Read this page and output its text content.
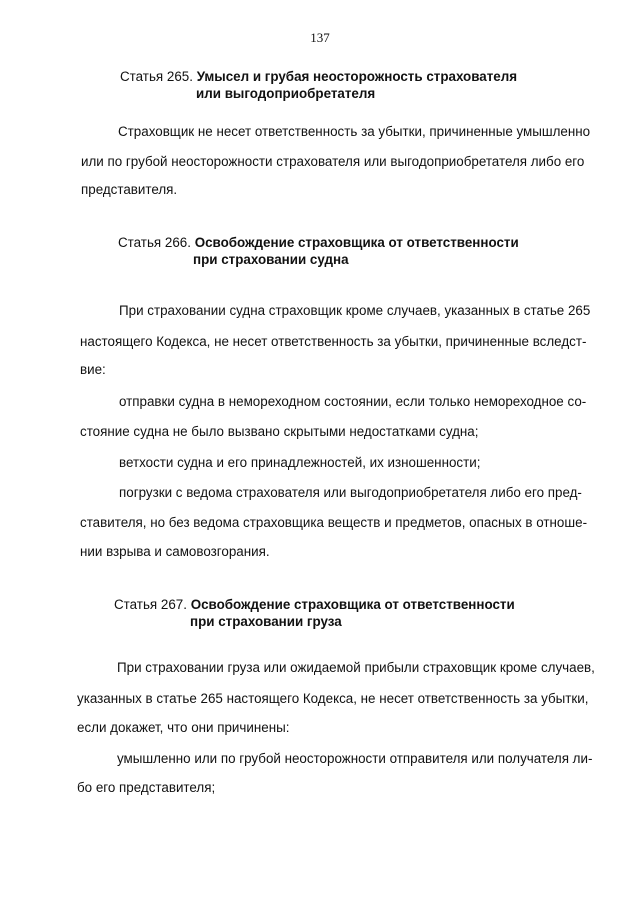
137
Статья 265. Умысел и грубая неосторожность страхователя
или выгодоприобретателя
Страховщик не несет ответственность за убытки, причиненные умышленно
или по грубой неосторожности страхователя или выгодоприобретателя либо его
представителя.
Статья 266. Освобождение страховщика от ответственности
при страховании судна
При страховании судна страховщик кроме случаев, указанных в статье 265
настоящего Кодекса, не несет ответственность за убытки, причиненные вследст-
вие:
отправки судна в немореходном состоянии, если только немореходное со-
стояние судна не было вызвано скрытыми недостатками судна;
ветхости судна и его принадлежностей, их изношенности;
погрузки с ведома страхователя или выгодоприобретателя либо его пред-
ставителя, но без ведома страховщика веществ и предметов, опасных в отноше-
нии взрыва и самовозгорания.
Статья 267. Освобождение страховщика от ответственности
при страховании груза
При страховании груза или ожидаемой прибыли страховщик кроме случаев,
указанных в статье 265 настоящего Кодекса, не несет ответственность за убытки,
если докажет, что они причинены:
умышленно или по грубой неосторожности отправителя или получателя ли-
бо его представителя;
